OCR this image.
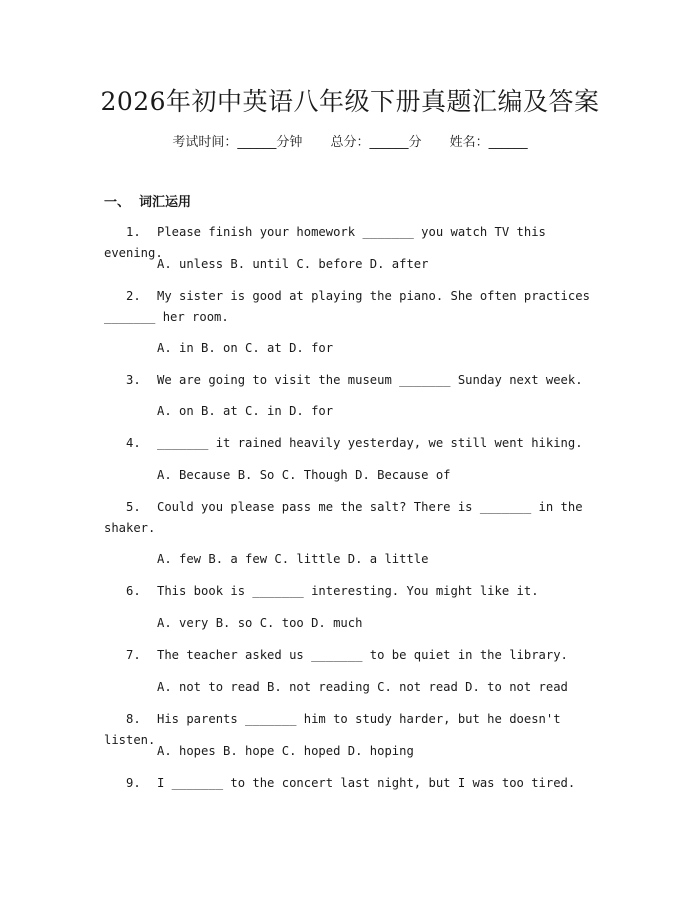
2026年初中英语八年级下册真题汇编及答案
考试时间：______分钟 总分：______分 姓名：______
一、  词汇运用
1.	Please finish your homework _______ you watch TV this evening.
A. unless B. until C. before D. after
2.	My sister is good at playing the piano. She often practices _______ her room.
A. in B. on C. at D. for
3.	We are going to visit the museum _______ Sunday next week.
A. on B. at C. in D. for
4.	_______ it rained heavily yesterday, we still went hiking.
A. Because B. So C. Though D. Because of
5.	Could you please pass me the salt? There is _______ in the shaker.
A. few B. a few C. little D. a little
6.	This book is _______ interesting. You might like it.
A. very B. so C. too D. much
7.	The teacher asked us _______ to be quiet in the library.
A. not to read B. not reading C. not read D. to not read
8.	His parents _______ him to study harder, but he doesn't listen.
A. hopes B. hope C. hoped D. hoping
9.	I _______ to the concert last night, but I was too tired.
